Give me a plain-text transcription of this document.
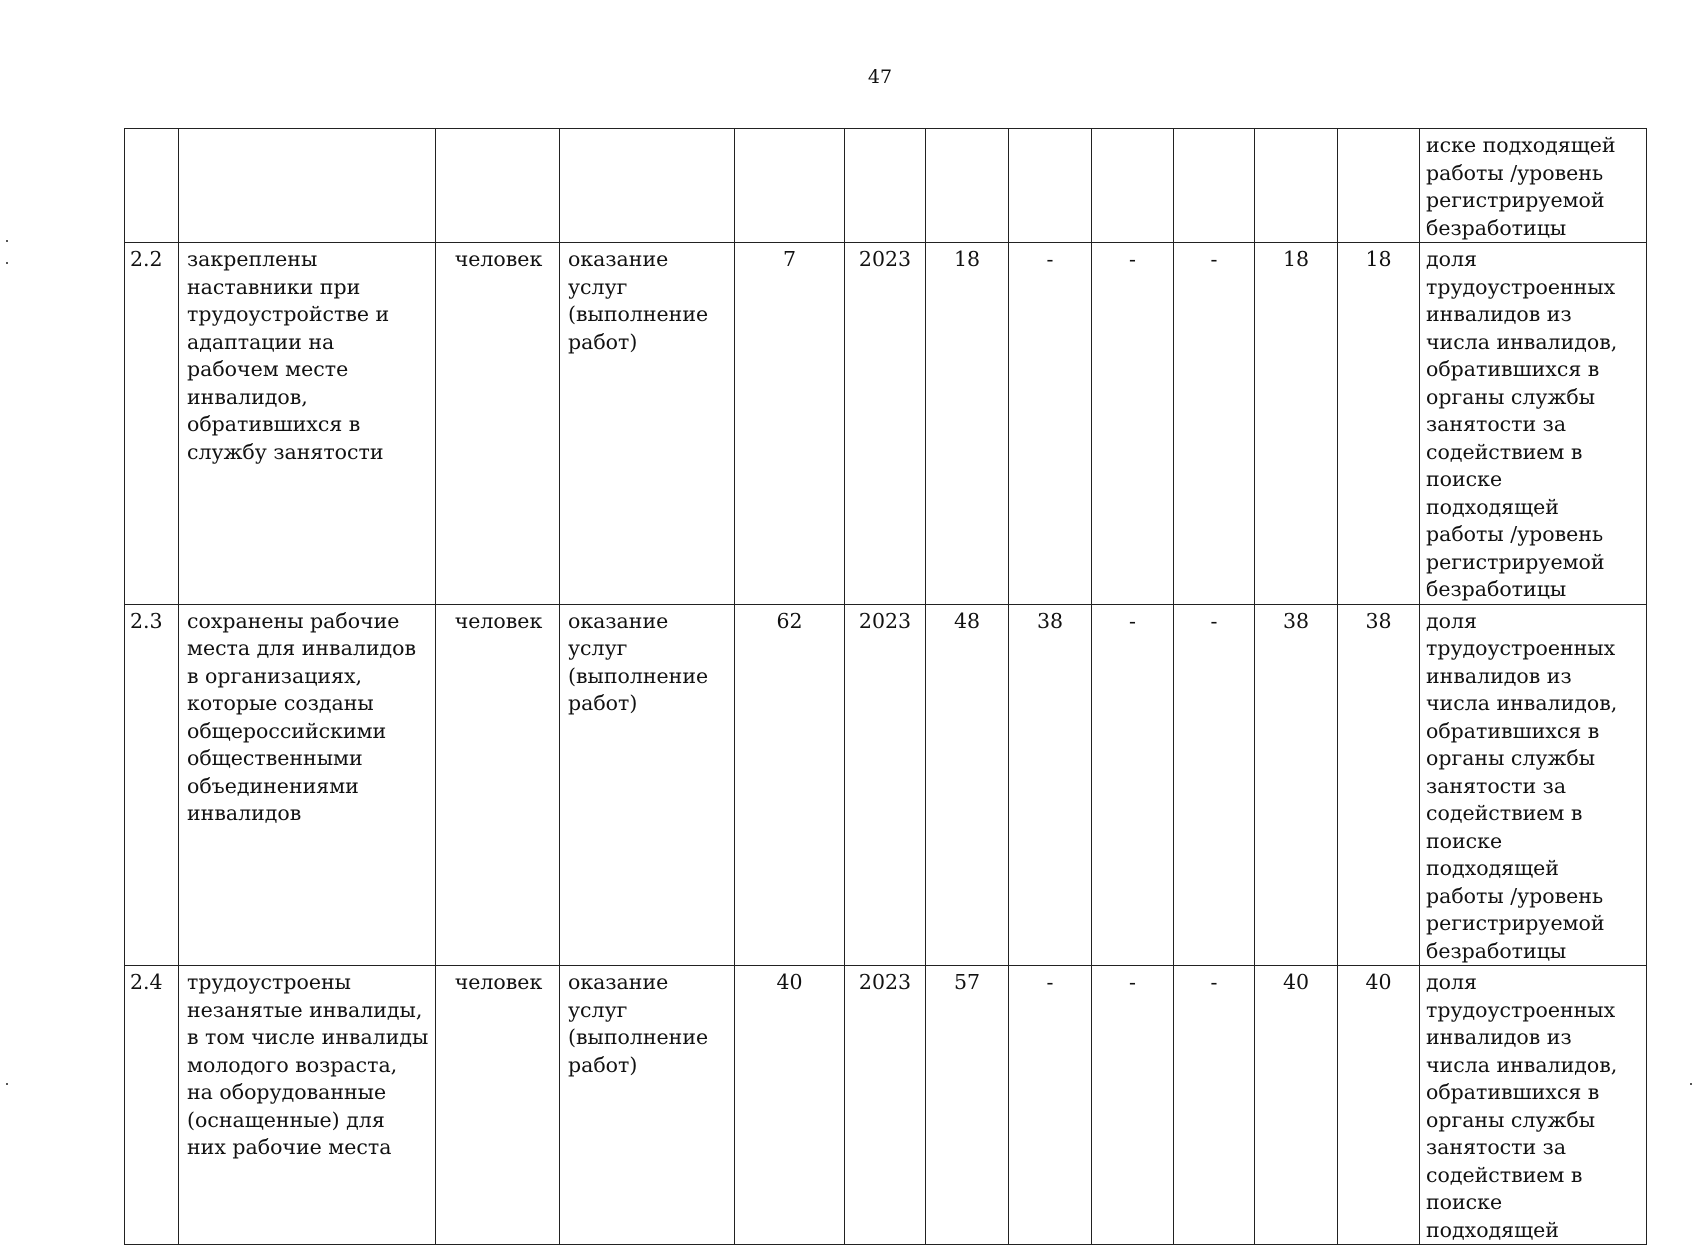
47
												иске подходящей работы /уровень регистрируемой безработицы
2.2	закреплены наставники при трудоустройстве и адаптации на рабочем месте инвалидов, обратившихся в службу занятости	человек	оказание услуг (выполнение работ)	7	2023	18	-	-	-	18	18	доля трудоустроенных инвалидов из числа инвалидов, обратившихся в органы службы занятости за содействием в поиске подходящей работы /уровень регистрируемой безработицы
2.3	сохранены рабочие места для инвалидов в организациях, которые созданы общероссийскими общественными объединениями инвалидов	человек	оказание услуг (выполнение работ)	62	2023	48	38	-	-	38	38	доля трудоустроенных инвалидов из числа инвалидов, обратившихся в органы службы занятости за содействием в поиске подходящей работы /уровень регистрируемой безработицы
2.4	трудоустроены незанятые инвалиды, в том числе инвалиды молодого возраста, на оборудованные (оснащенные) для них рабочие места	человек	оказание услуг (выполнение работ)	40	2023	57	-	-	-	40	40	доля трудоустроенных инвалидов из числа инвалидов, обратившихся в органы службы занятости за содействием в поиске подходящей
